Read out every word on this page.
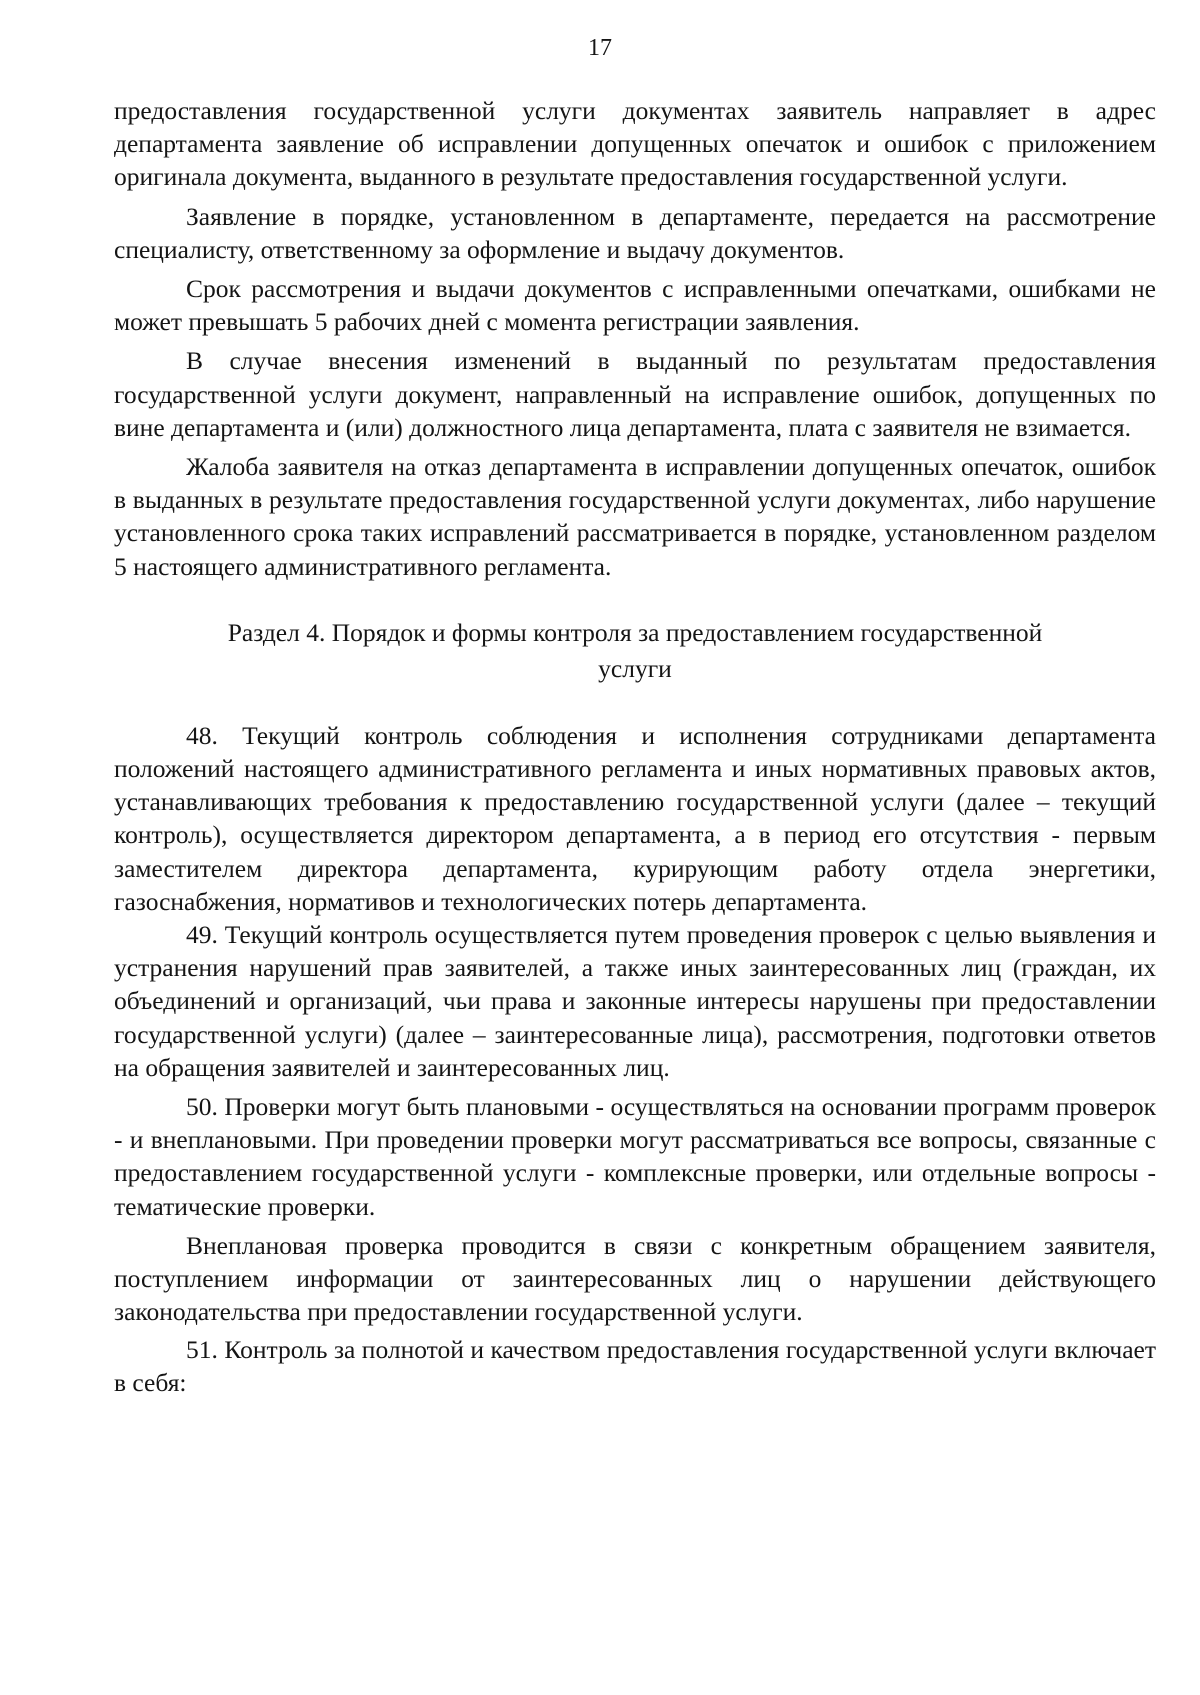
17

предоставления государственной услуги документах заявитель направляет в адрес департамента заявление об исправлении допущенных опечаток и ошибок с приложением оригинала документа, выданного в результате предоставления государственной услуги.

Заявление в порядке, установленном в департаменте, передается на рассмотрение специалисту, ответственному за оформление и выдачу документов.

Срок рассмотрения и выдачи документов с исправленными опечатками, ошибками не может превышать 5 рабочих дней с момента регистрации заявления.

В случае внесения изменений в выданный по результатам предоставления государственной услуги документ, направленный на исправление ошибок, допущенных по вине департамента и (или) должностного лица департамента, плата с заявителя не взимается.

Жалоба заявителя на отказ департамента в исправлении допущенных опечаток, ошибок в выданных в результате предоставления государственной услуги документах, либо нарушение установленного срока таких исправлений рассматривается в порядке, установленном разделом 5 настоящего административного регламента.

Раздел 4. Порядок и формы контроля за предоставлением государственной услуги

48. Текущий контроль соблюдения и исполнения сотрудниками департамента положений настоящего административного регламента и иных нормативных правовых актов, устанавливающих требования к предоставлению государственной услуги (далее – текущий контроль), осуществляется директором департамента, а в период его отсутствия - первым заместителем директора департамента, курирующим работу отдела энергетики, газоснабжения, нормативов и технологических потерь департамента.

49. Текущий контроль осуществляется путем проведения проверок с целью выявления и устранения нарушений прав заявителей, а также иных заинтересованных лиц (граждан, их объединений и организаций, чьи права и законные интересы нарушены при предоставлении государственной услуги) (далее – заинтересованные лица), рассмотрения, подготовки ответов на обращения заявителей и заинтересованных лиц.

50. Проверки могут быть плановыми - осуществляться на основании программ проверок - и внеплановыми. При проведении проверки могут рассматриваться все вопросы, связанные с предоставлением государственной услуги - комплексные проверки, или отдельные вопросы - тематические проверки.

Внеплановая проверка проводится в связи с конкретным обращением заявителя, поступлением информации от заинтересованных лиц о нарушении действующего законодательства при предоставлении государственной услуги.

51. Контроль за полнотой и качеством предоставления государственной услуги включает в себя:
